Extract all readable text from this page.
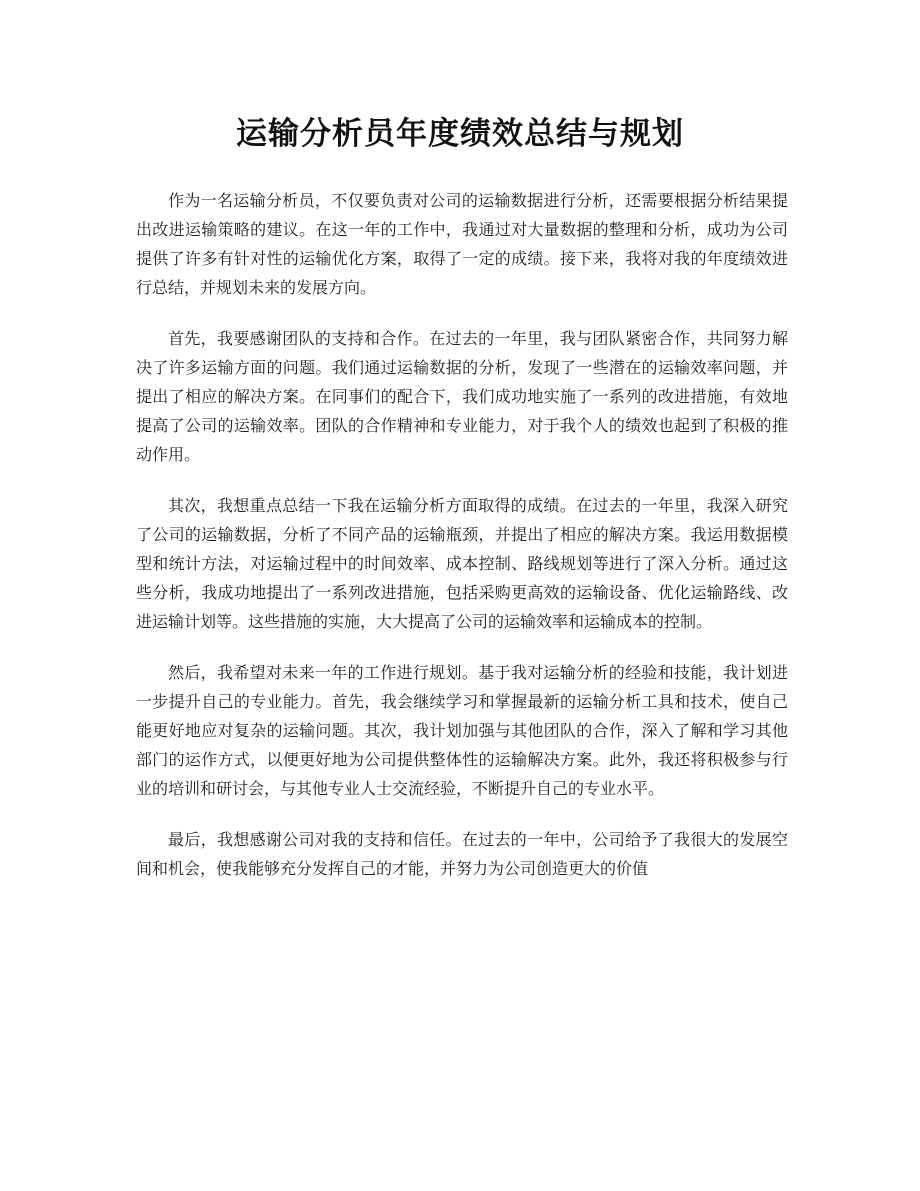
运输分析员年度绩效总结与规划

作为一名运输分析员，不仅要负责对公司的运输数据进行分析，还需要根据分析结果提出改进运输策略的建议。在这一年的工作中，我通过对大量数据的整理和分析，成功为公司提供了许多有针对性的运输优化方案，取得了一定的成绩。接下来，我将对我的年度绩效进行总结，并规划未来的发展方向。

首先，我要感谢团队的支持和合作。在过去的一年里，我与团队紧密合作，共同努力解决了许多运输方面的问题。我们通过运输数据的分析，发现了一些潜在的运输效率问题，并提出了相应的解决方案。在同事们的配合下，我们成功地实施了一系列的改进措施，有效地提高了公司的运输效率。团队的合作精神和专业能力，对于我个人的绩效也起到了积极的推动作用。

其次，我想重点总结一下我在运输分析方面取得的成绩。在过去的一年里，我深入研究了公司的运输数据，分析了不同产品的运输瓶颈，并提出了相应的解决方案。我运用数据模型和统计方法，对运输过程中的时间效率、成本控制、路线规划等进行了深入分析。通过这些分析，我成功地提出了一系列改进措施，包括采购更高效的运输设备、优化运输路线、改进运输计划等。这些措施的实施，大大提高了公司的运输效率和运输成本的控制。

然后，我希望对未来一年的工作进行规划。基于我对运输分析的经验和技能，我计划进一步提升自己的专业能力。首先，我会继续学习和掌握最新的运输分析工具和技术，使自己能更好地应对复杂的运输问题。其次，我计划加强与其他团队的合作，深入了解和学习其他部门的运作方式，以便更好地为公司提供整体性的运输解决方案。此外，我还将积极参与行业的培训和研讨会，与其他专业人士交流经验，不断提升自己的专业水平。

最后，我想感谢公司对我的支持和信任。在过去的一年中，公司给予了我很大的发展空间和机会，使我能够充分发挥自己的才能，并努力为公司创造更大的价值
